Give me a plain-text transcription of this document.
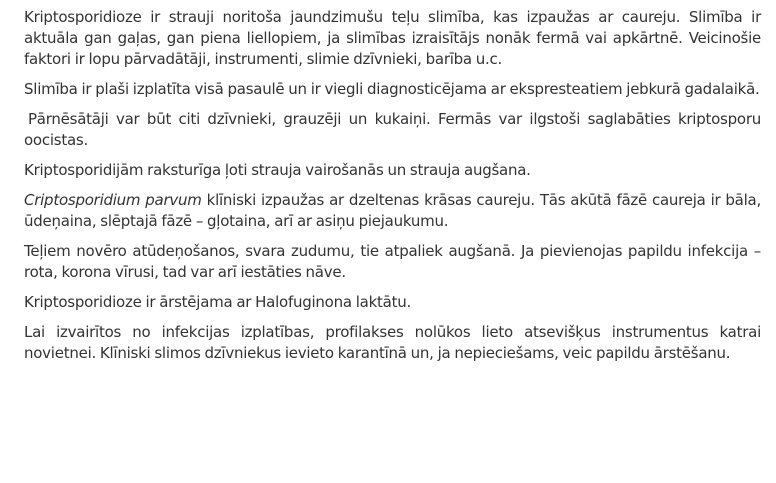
Kriptosporidioze ir strauji noritoša jaundzimušu teļu slimība, kas izpaužas ar caureju. Slimība ir aktuāla gan gaļas, gan piena liellopiem, ja slimības izraisītājs nonāk fermā vai apkārtnē. Veicinošie faktori ir lopu pārvadātāji, instrumenti, slimie dzīvnieki, barība u.c.

Slimība ir plaši izplatīta visā pasaulē un ir viegli diagnosticējama ar ekspresteatiem jebkurā gadalaikā.

Pārnēsātāji var būt citi dzīvnieki, grauzēji un kukaiņi. Fermās var ilgstoši saglabāties kriptosporu oocistas.

Kriptosporidijām raksturīga ļoti strauja vairošanās un strauja augšana.

Criptosporidium parvum klīniski izpaužas ar dzeltenas krāsas caureju. Tās akūtā fāzē caureja ir bāla, ūdeņaina, slēptajā fāzē – gļotaina, arī ar asiņu piejaukumu.

Teļiem novēro atūdeņošanos, svara zudumu, tie atpaliek augšanā. Ja pievienojas papildu infekcija – rota, korona vīrusi, tad var arī iestāties nāve.

Kriptosporidioze ir ārstējama ar Halofuginona laktātu.

Lai izvairītos no infekcijas izplatības, profilakses nolūkos lieto atsevišķus instrumentus katrai novietnei. Klīniski slimos dzīvniekus ievieto karantīnā un, ja nepieciešams, veic papildu ārstēšanu.
